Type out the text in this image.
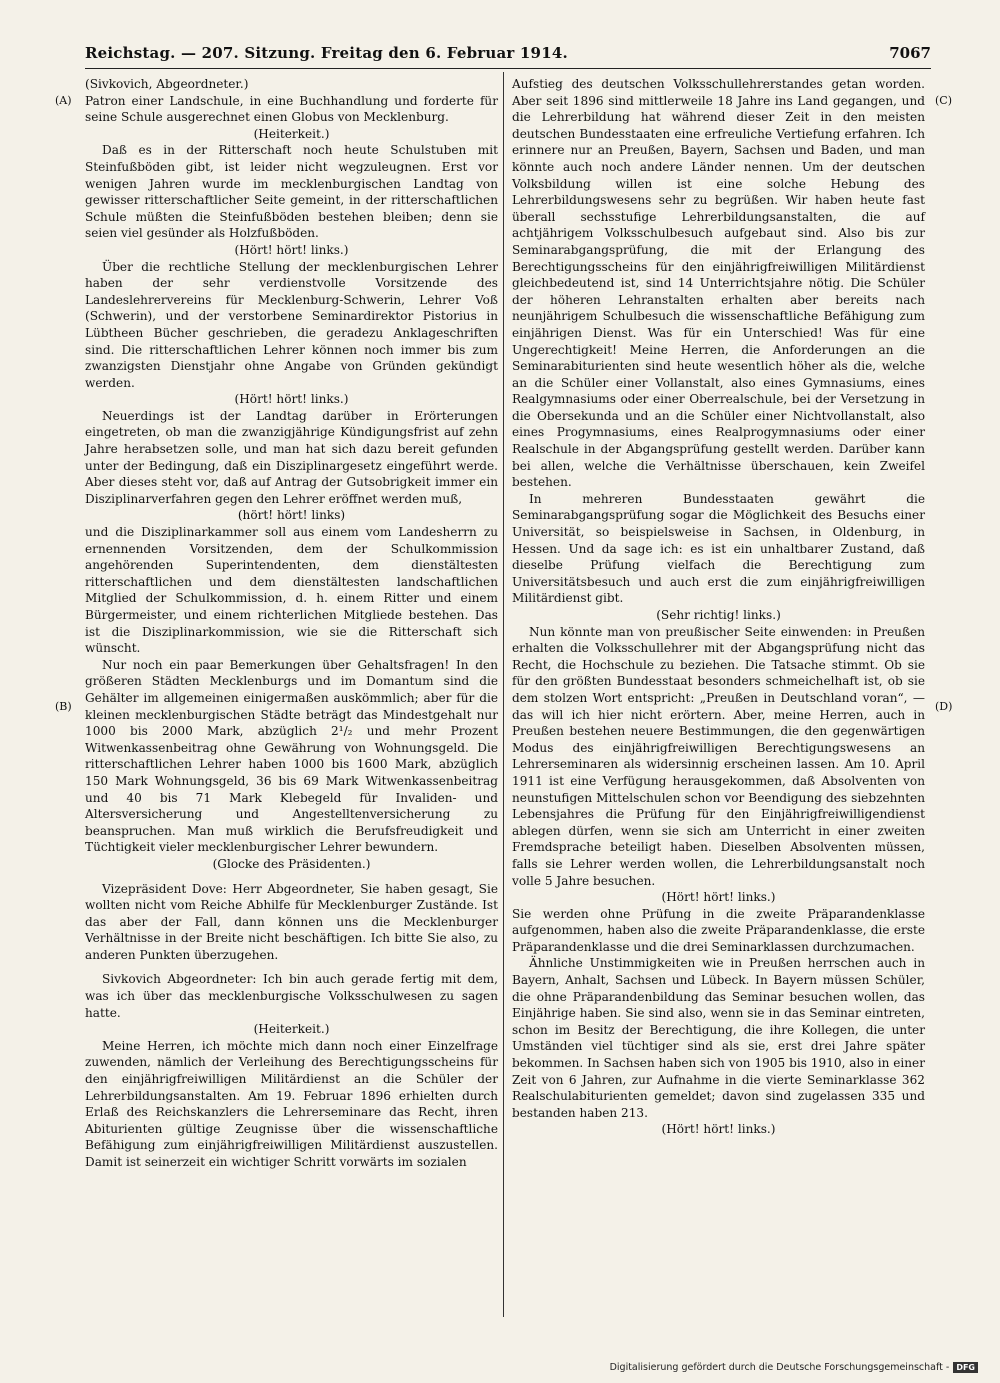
Reichstag. — 207. Sitzung. Freitag den 6. Februar 1914.	7067
(A)
(B)
(C)
(D)

(Sivkovich, Abgeordneter.)

Patron einer Landschule, in eine Buchhandlung und forderte für seine Schule ausgerechnet einen Globus von Mecklenburg.

(Heiterkeit.)

Daß es in der Ritterschaft noch heute Schulstuben mit Steinfußböden gibt, ist leider nicht wegzuleugnen. Erst vor wenigen Jahren wurde im mecklenburgischen Landtag von gewisser ritterschaftlicher Seite gemeint, in der ritterschaftlichen Schule müßten die Steinfußböden bestehen bleiben; denn sie seien viel gesünder als Holzfußböden.

(Hört! hört! links.)

Über die rechtliche Stellung der mecklenburgischen Lehrer haben der sehr verdienstvolle Vorsitzende des Landeslehrervereins für Mecklenburg-Schwerin, Lehrer Voß (Schwerin), und der verstorbene Seminardirektor Pistorius in Lübtheen Bücher geschrieben, die geradezu Anklageschriften sind. Die ritterschaftlichen Lehrer können noch immer bis zum zwanzigsten Dienstjahr ohne Angabe von Gründen gekündigt werden.

(Hört! hört! links.)

Neuerdings ist der Landtag darüber in Erörterungen eingetreten, ob man die zwanzigjährige Kündigungsfrist auf zehn Jahre herabsetzen solle, und man hat sich dazu bereit gefunden unter der Bedingung, daß ein Disziplinargesetz eingeführt werde. Aber dieses steht vor, daß auf Antrag der Gutsobrigkeit immer ein Disziplinarverfahren gegen den Lehrer eröffnet werden muß,

(hört! hört! links)

und die Disziplinarkammer soll aus einem vom Landesherrn zu ernennenden Vorsitzenden, dem der Schulkommission angehörenden Superintendenten, dem dienstältesten ritterschaftlichen und dem dienstältesten landschaftlichen Mitglied der Schulkommission, d. h. einem Ritter und einem Bürgermeister, und einem richterlichen Mitgliede bestehen. Das ist die Disziplinarkommission, wie sie die Ritterschaft sich wünscht.

Nur noch ein paar Bemerkungen über Gehaltsfragen! In den größeren Städten Mecklenburgs und im Domantum sind die Gehälter im allgemeinen einigermaßen auskömmlich; aber für die kleinen mecklenburgischen Städte beträgt das Mindestgehalt nur 1000 bis 2000 Mark, abzüglich 2¹/₂ und mehr Prozent Witwenkassenbeitrag ohne Gewährung von Wohnungsgeld. Die ritterschaftlichen Lehrer haben 1000 bis 1600 Mark, abzüglich 150 Mark Wohnungsgeld, 36 bis 69 Mark Witwenkassenbeitrag und 40 bis 71 Mark Klebegeld für Invaliden- und Altersversicherung und Angestelltenversicherung zu beanspruchen. Man muß wirklich die Berufsfreudigkeit und Tüchtigkeit vieler mecklenburgischer Lehrer bewundern.

(Glocke des Präsidenten.)

Vizepräsident Dove: Herr Abgeordneter, Sie haben gesagt, Sie wollten nicht vom Reiche Abhilfe für Mecklenburger Zustände. Ist das aber der Fall, dann können uns die Mecklenburger Verhältnisse in der Breite nicht beschäftigen. Ich bitte Sie also, zu anderen Punkten überzugehen.

Sivkovich Abgeordneter: Ich bin auch gerade fertig mit dem, was ich über das mecklenburgische Volksschulwesen zu sagen hatte.

(Heiterkeit.)

Meine Herren, ich möchte mich dann noch einer Einzelfrage zuwenden, nämlich der Verleihung des Berechtigungsscheins für den einjährigfreiwilligen Militärdienst an die Schüler der Lehrerbildungsanstalten. Am 19. Februar 1896 erhielten durch Erlaß des Reichskanzlers die Lehrerseminare das Recht, ihren Abiturienten gültige Zeugnisse über die wissenschaftliche Befähigung zum einjährigfreiwilligen Militärdienst auszustellen. Damit ist seinerzeit ein wichtiger Schritt vorwärts im sozialen

Aufstieg des deutschen Volksschullehrerstandes getan worden. Aber seit 1896 sind mittlerweile 18 Jahre ins Land gegangen, und die Lehrerbildung hat während dieser Zeit in den meisten deutschen Bundesstaaten eine erfreuliche Vertiefung erfahren. Ich erinnere nur an Preußen, Bayern, Sachsen und Baden, und man könnte auch noch andere Länder nennen. Um der deutschen Volksbildung willen ist eine solche Hebung des Lehrerbildungswesens sehr zu begrüßen. Wir haben heute fast überall sechsstufige Lehrerbildungsanstalten, die auf achtjährigem Volksschulbesuch aufgebaut sind. Also bis zur Seminarabgangsprüfung, die mit der Erlangung des Berechtigungsscheins für den einjährigfreiwilligen Militärdienst gleichbedeutend ist, sind 14 Unterrichtsjahre nötig. Die Schüler der höheren Lehranstalten erhalten aber bereits nach neunjährigem Schulbesuch die wissenschaftliche Befähigung zum einjährigen Dienst. Was für ein Unterschied! Was für eine Ungerechtigkeit! Meine Herren, die Anforderungen an die Seminarabiturienten sind heute wesentlich höher als die, welche an die Schüler einer Vollanstalt, also eines Gymnasiums, eines Realgymnasiums oder einer Oberrealschule, bei der Versetzung in die Obersekunda und an die Schüler einer Nichtvollanstalt, also eines Progymnasiums, eines Realprogymnasiums oder einer Realschule in der Abgangsprüfung gestellt werden. Darüber kann bei allen, welche die Verhältnisse überschauen, kein Zweifel bestehen.

In mehreren Bundesstaaten gewährt die Seminarabgangsprüfung sogar die Möglichkeit des Besuchs einer Universität, so beispielsweise in Sachsen, in Oldenburg, in Hessen. Und da sage ich: es ist ein unhaltbarer Zustand, daß dieselbe Prüfung vielfach die Berechtigung zum Universitätsbesuch und auch erst die zum einjährigfreiwilligen Militärdienst gibt.

(Sehr richtig! links.)

Nun könnte man von preußischer Seite einwenden: in Preußen erhalten die Volksschullehrer mit der Abgangsprüfung nicht das Recht, die Hochschule zu beziehen. Die Tatsache stimmt. Ob sie für den größten Bundesstaat besonders schmeichelhaft ist, ob sie dem stolzen Wort entspricht: „Preußen in Deutschland voran“, — das will ich hier nicht erörtern. Aber, meine Herren, auch in Preußen bestehen neuere Bestimmungen, die den gegenwärtigen Modus des einjährigfreiwilligen Berechtigungswesens an Lehrerseminaren als widersinnig erscheinen lassen. Am 10. April 1911 ist eine Verfügung herausgekommen, daß Absolventen von neunstufigen Mittelschulen schon vor Beendigung des siebzehnten Lebensjahres die Prüfung für den Einjährigfreiwilligendienst ablegen dürfen, wenn sie sich am Unterricht in einer zweiten Fremdsprache beteiligt haben. Dieselben Absolventen müssen, falls sie Lehrer werden wollen, die Lehrerbildungsanstalt noch volle 5 Jahre besuchen.

(Hört! hört! links.)

Sie werden ohne Prüfung in die zweite Präparandenklasse aufgenommen, haben also die zweite Präparandenklasse, die erste Präparandenklasse und die drei Seminarklassen durchzumachen.

Ähnliche Unstimmigkeiten wie in Preußen herrschen auch in Bayern, Anhalt, Sachsen und Lübeck. In Bayern müssen Schüler, die ohne Präparandenbildung das Seminar besuchen wollen, das Einjährige haben. Sie sind also, wenn sie in das Seminar eintreten, schon im Besitz der Berechtigung, die ihre Kollegen, die unter Umständen viel tüchtiger sind als sie, erst drei Jahre später bekommen. In Sachsen haben sich von 1905 bis 1910, also in einer Zeit von 6 Jahren, zur Aufnahme in die vierte Seminarklasse 362 Realschulabiturienten gemeldet; davon sind zugelassen 335 und bestanden haben 213.

(Hört! hört! links.)

Digitalisierung gefördert durch die Deutsche Forschungsgemeinschaft - DFG
